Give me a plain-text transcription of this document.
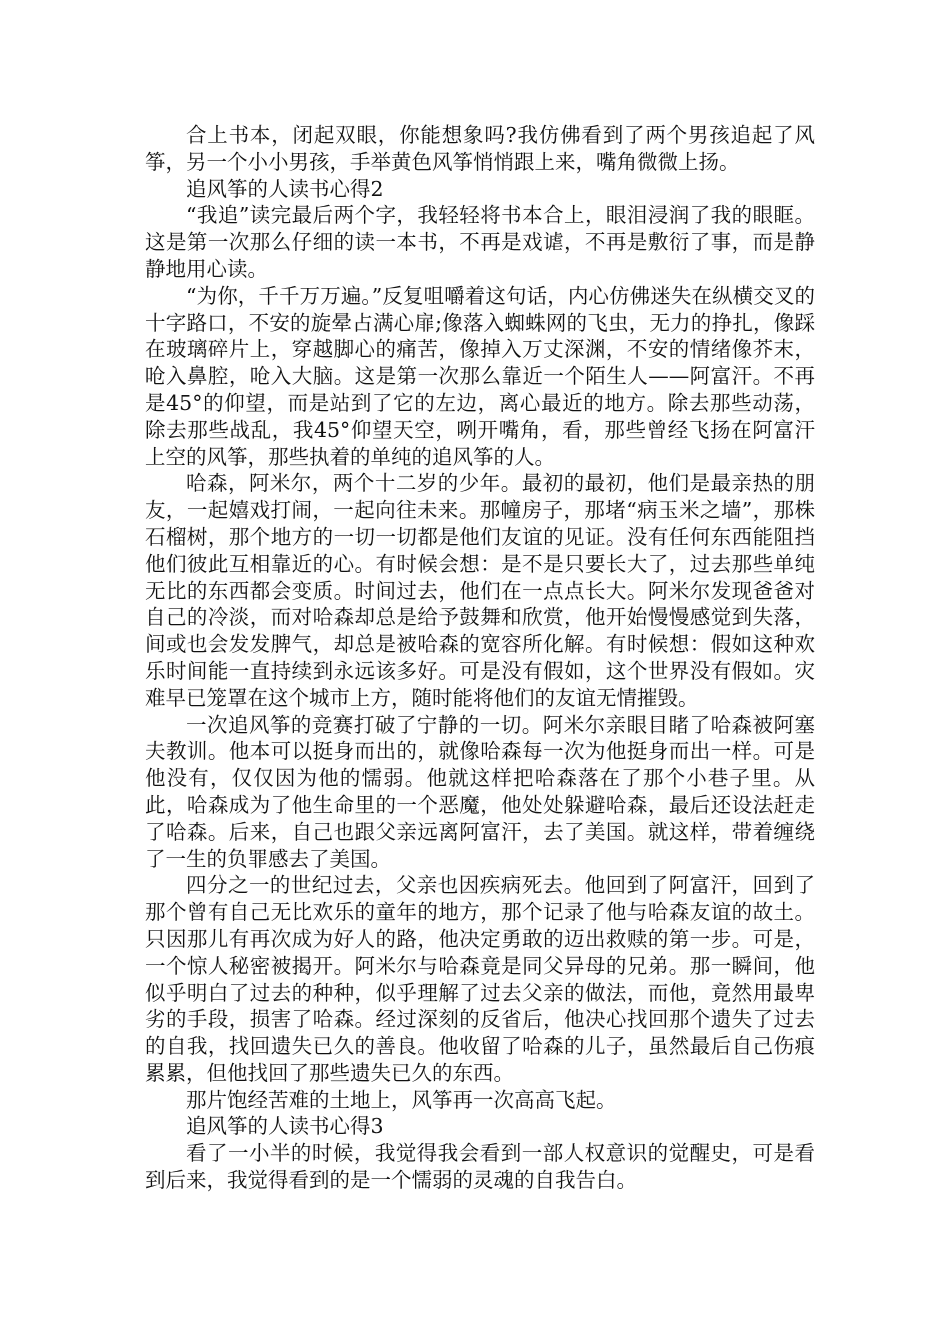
合上书本，闭起双眼，你能想象吗?我仿佛看到了两个男孩追起了风筝，另一个小小男孩，手举黄色风筝悄悄跟上来，嘴角微微上扬。

追风筝的人读书心得2

“我追”读完最后两个字，我轻轻将书本合上，眼泪浸润了我的眼眶。这是第一次那么仔细的读一本书，不再是戏谑，不再是敷衍了事，而是静静地用心读。

“为你，千千万万遍。”反复咀嚼着这句话，内心仿佛迷失在纵横交叉的十字路口，不安的旋晕占满心扉;像落入蜘蛛网的飞虫，无力的挣扎，像踩在玻璃碎片上，穿越脚心的痛苦，像掉入万丈深渊，不安的情绪像芥末，呛入鼻腔，呛入大脑。这是第一次那么靠近一个陌生人——阿富汗。不再是45°的仰望，而是站到了它的左边，离心最近的地方。除去那些动荡，除去那些战乱，我45°仰望天空，咧开嘴角，看，那些曾经飞扬在阿富汗上空的风筝，那些执着的单纯的追风筝的人。

哈森，阿米尔，两个十二岁的少年。最初的最初，他们是最亲热的朋友，一起嬉戏打闹，一起向往未来。那幢房子，那堵“病玉米之墙”，那株石榴树，那个地方的一切一切都是他们友谊的见证。没有任何东西能阻挡他们彼此互相靠近的心。有时候会想：是不是只要长大了，过去那些单纯无比的东西都会变质。时间过去，他们在一点点长大。阿米尔发现爸爸对自己的冷淡，而对哈森却总是给予鼓舞和欣赏，他开始慢慢感觉到失落，间或也会发发脾气，却总是被哈森的宽容所化解。有时候想：假如这种欢乐时间能一直持续到永远该多好。可是没有假如，这个世界没有假如。灾难早已笼罩在这个城市上方，随时能将他们的友谊无情摧毁。

一次追风筝的竞赛打破了宁静的一切。阿米尔亲眼目睹了哈森被阿塞夫教训。他本可以挺身而出的，就像哈森每一次为他挺身而出一样。可是他没有，仅仅因为他的懦弱。他就这样把哈森落在了那个小巷子里。从此，哈森成为了他生命里的一个恶魔，他处处躲避哈森，最后还设法赶走了哈森。后来，自己也跟父亲远离阿富汗，去了美国。就这样，带着缠绕了一生的负罪感去了美国。

四分之一的世纪过去，父亲也因疾病死去。他回到了阿富汗，回到了那个曾有自己无比欢乐的童年的地方，那个记录了他与哈森友谊的故土。只因那儿有再次成为好人的路，他决定勇敢的迈出救赎的第一步。可是，一个惊人秘密被揭开。阿米尔与哈森竟是同父异母的兄弟。那一瞬间，他似乎明白了过去的种种，似乎理解了过去父亲的做法，而他，竟然用最卑劣的手段，损害了哈森。经过深刻的反省后，他决心找回那个遗失了过去的自我，找回遗失已久的善良。他收留了哈森的儿子，虽然最后自己伤痕累累，但他找回了那些遗失已久的东西。

那片饱经苦难的土地上，风筝再一次高高飞起。

追风筝的人读书心得3

看了一小半的时候，我觉得我会看到一部人权意识的觉醒史，可是看到后来，我觉得看到的是一个懦弱的灵魂的自我告白。
